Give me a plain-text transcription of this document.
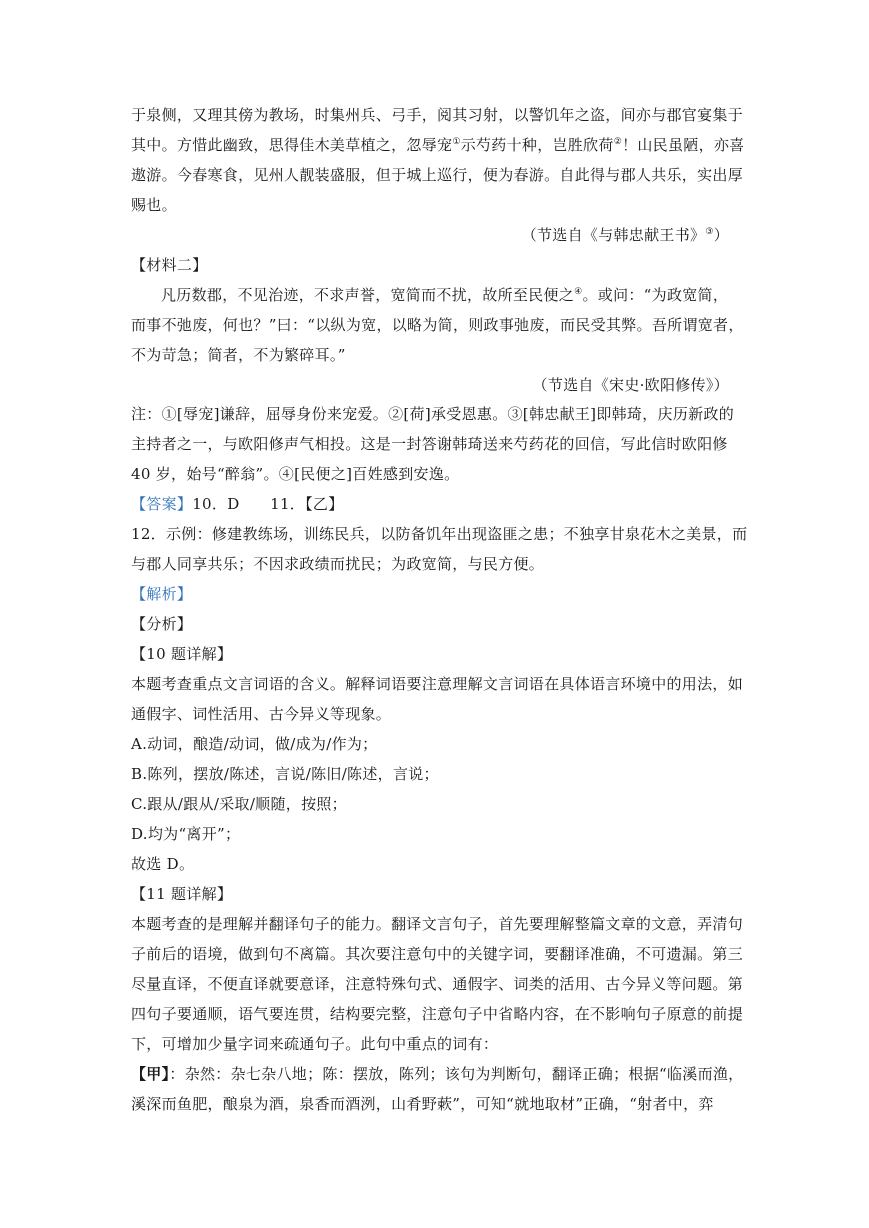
于泉侧，又理其傍为教场，时集州兵、弓手，阅其习射，以警饥年之盗，间亦与郡官宴集于
其中。方惜此幽致，思得佳木美草植之，忽辱宠①示芍药十种，岂胜欣荷②！山民虽陋，亦喜
遨游。今春寒食，见州人靓装盛服，但于城上巡行，便为春游。自此得与郡人共乐，实出厚
赐也。
（节选自《与韩忠献王书》③）
【材料二】
凡历数郡，不见治迹，不求声誉，宽简而不扰，故所至民便之④。或问：“为政宽简，
而事不弛废，何也？”曰：“以纵为宽，以略为简，则政事弛废，而民受其弊。吾所谓宽者，
不为苛急；简者，不为繁碎耳。”
（节选自《宋史·欧阳修传》）
注：①[辱宠]谦辞，屈辱身份来宠爱。②[荷]承受恩惠。③[韩忠献王]即韩琦，庆历新政的
主持者之一，与欧阳修声气相投。这是一封答谢韩琦送来芍药花的回信，写此信时欧阳修
40 岁，始号“醉翁”。④[民便之]百姓感到安逸。
【答案】10．D　　11．【乙】
12．示例：修建教练场，训练民兵，以防备饥年出现盗匪之患；不独享甘泉花木之美景，而
与郡人同享共乐；不因求政绩而扰民；为政宽简，与民方便。
【解析】
【分析】
【10 题详解】
本题考查重点文言词语的含义。解释词语要注意理解文言词语在具体语言环境中的用法，如
通假字、词性活用、古今异义等现象。
A.动词，酿造/动词，做/成为/作为；
B.陈列，摆放/陈述，言说/陈旧/陈述，言说；
C.跟从/跟从/采取/顺随，按照；
D.均为“离开”；
故选 D。
【11 题详解】
本题考查的是理解并翻译句子的能力。翻译文言句子，首先要理解整篇文章的文意，弄清句
子前后的语境，做到句不离篇。其次要注意句中的关键字词，要翻译准确，不可遗漏。第三
尽量直译，不便直译就要意译，注意特殊句式、通假字、词类的活用、古今异义等问题。第
四句子要通顺，语气要连贯，结构要完整，注意句子中省略内容，在不影响句子原意的前提
下，可增加少量字词来疏通句子。此句中重点的词有：
【甲】：杂然：杂七杂八地；陈：摆放，陈列；该句为判断句，翻译正确；根据“临溪而渔，
溪深而鱼肥，酿泉为酒，泉香而酒洌，山肴野蔌”，可知“就地取材”正确，“射者中，弈
